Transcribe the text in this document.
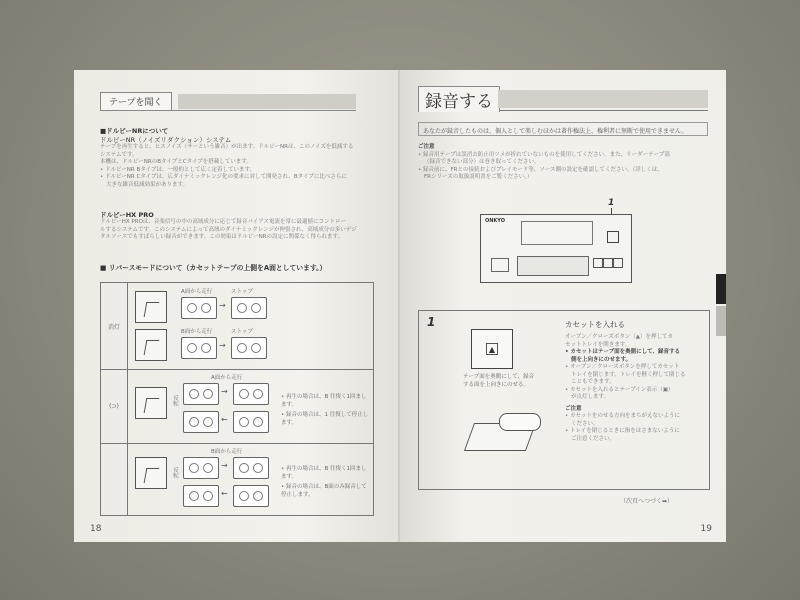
テープを聞く
■ドルビーNRについて
ドルビーNR（ノイズリダクション）システム
テープを再生すると、ヒスノイズ（サーという雑音）が出ます。ドルビーNRは、このノイズを低減する
システムです。
本機は、ドルビーNRのBタイプとCタイプを搭載しています。
• ドルビーNR Bタイプは、一般的として広く定着しています。
• ドルビーNR Cタイプは、広ダイナミックレンジ化の要求に対して開発され、Bタイプに比べさらに
大きな雑音低減効果があります。
ドルビーHX PRO
ドルビーHX PROは、音楽信号の中の高域成分に応じて録音バイアス電流を常に最適値にコントロー
ルするシステムです。このシステムによって高域のダイナミックレンジが伸張され、高域成分の多いデジ
タルソースでもすばらしい録音ができます。この効果はドルビーNRの設定に関係なく得られます。
■ リバースモードについて（カセットテープの上側をA面としています。）
消灯
A面から走行
→
ストップ
B面から走行
→
ストップ
(⊃)
A面から走行
反転
→
←
• 再生の場合は、B 往復く1回まします。
• 録音の場合は、1 往復して停止します。
B面から走行
反転
→
←
• 再生の場合は、B 往復く1回まします。
• 録音の場合は、B面のみ録音して停止します。
18
録音する
あなたが録音したものは、個人として楽しむほかは著作権法上、権利者に無断で使用できません。
ご注意
• 録音用テープは誤消去防止用ツメが折れていないものを使用してください。また、リーダーテープ部
（録音できない部分）は巻き取ってください。
• 録音前に、FRとの接続およびプレイモード等、ソース側の設定を確認してください。（詳しくは、
FRシリーズの取扱説明書をご覧ください。）
1
ONKYO
1
▲
テープ面を奥側にして、録音
する面を上向きにのせる。
カセットを入れる
オープン／クローズボタン（▲）を押してカ
セットトレイを開きます。
• カセットはテープ面を奥側にして、録音する
側を上向きにのせます。
• オープン／クローズボタンを押してカセット
トレイを閉じます。トレイを軽く押して閉じる
こともできます。
• カセットを入れるとテープイン表示（▣）
が点灯します。
ご注意
• カセットをのせる方向をまちがえないように
ください。
• トレイを閉じるときに指をはさまないように
ご注意ください。
（次頁へつづく➡）
19
